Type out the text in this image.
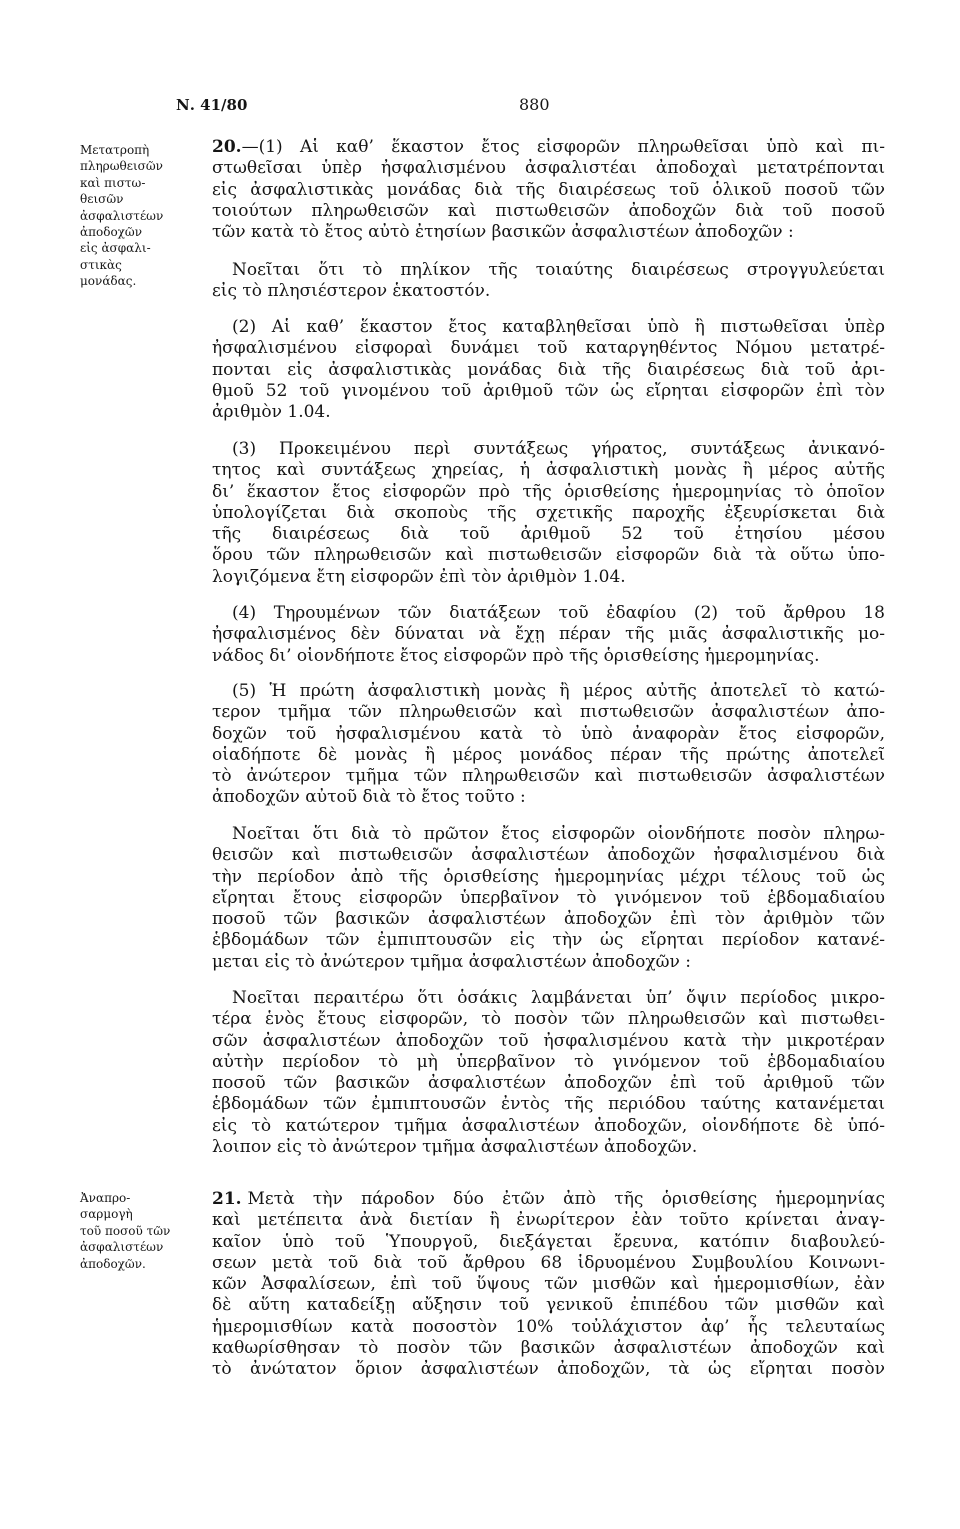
Ν. 41/80	880
Μετατροπὴ
πληρωθεισῶν
καὶ πιστω-
θεισῶν
ἀσφαλιστέων
ἀποδοχῶν
εἰς ἀσφαλι-
στικὰς
μονάδας.
Ἀναπρο-
σαρμογὴ
τοῦ ποσοῦ τῶν
ἀσφαλιστέων
ἀποδοχῶν.
20.—(1) Αἱ καθ’ ἕκαστον ἔτος εἰσφορῶν πληρωθεῖσαι ὑπὸ καὶ πι-
στωθεῖσαι ὑπὲρ ἠσφαλισμένου ἀσφαλιστέαι ἀποδοχαὶ μετατρέπονται
εἰς ἀσφαλιστικὰς μονάδας διὰ τῆς διαιρέσεως τοῦ ὁλικοῦ ποσοῦ τῶν
τοιούτων πληρωθεισῶν καὶ πιστωθεισῶν ἀποδοχῶν διὰ τοῦ ποσοῦ
τῶν κατὰ τὸ ἔτος αὐτὸ ἐτησίων βασικῶν ἀσφαλιστέων ἀποδοχῶν :
Νοεῖται ὅτι τὸ πηλίκον τῆς τοιαύτης διαιρέσεως στρογγυλεύεται
εἰς τὸ πλησιέστερον ἑκατοστόν.
(2) Αἱ καθ’ ἕκαστον ἔτος καταβληθεῖσαι ὑπὸ ἢ πιστωθεῖσαι ὑπὲρ
ἠσφαλισμένου εἰσφοραὶ δυνάμει τοῦ καταργηθέντος Νόμου μετατρέ-
πονται εἰς ἀσφαλιστικὰς μονάδας διὰ τῆς διαιρέσεως διὰ τοῦ ἀρι-
θμοῦ 52 τοῦ γινομένου τοῦ ἀριθμοῦ τῶν ὡς εἴρηται εἰσφορῶν ἐπὶ τὸν
ἀριθμὸν 1.04.
(3) Προκειμένου περὶ συντάξεως γήρατος, συντάξεως ἀνικανό-
τητος καὶ συντάξεως χηρείας, ἡ ἀσφαλιστικὴ μονὰς ἢ μέρος αὐτῆς
δι’ ἕκαστον ἔτος εἰσφορῶν πρὸ τῆς ὁρισθείσης ἡμερομηνίας τὸ ὁποῖον
ὑπολογίζεται διὰ σκοποὺς τῆς σχετικῆς παροχῆς ἐξευρίσκεται διὰ
τῆς διαιρέσεως διὰ τοῦ ἀριθμοῦ 52 τοῦ ἐτησίου μέσου
ὅρου τῶν πληρωθεισῶν καὶ πιστωθεισῶν εἰσφορῶν διὰ τὰ οὕτω ὑπο-
λογιζόμενα ἔτη εἰσφορῶν ἐπὶ τὸν ἀριθμὸν 1.04.
(4) Τηρουμένων τῶν διατάξεων τοῦ ἐδαφίου (2) τοῦ ἄρθρου 18
ἠσφαλισμένος δὲν δύναται νὰ ἔχῃ πέραν τῆς μιᾶς ἀσφαλιστικῆς μο-
νάδος δι’ οἱονδήποτε ἔτος εἰσφορῶν πρὸ τῆς ὁρισθείσης ἡμερομηνίας.
(5) Ἡ πρώτη ἀσφαλιστικὴ μονὰς ἢ μέρος αὐτῆς ἀποτελεῖ τὸ κατώ-
τερον τμῆμα τῶν πληρωθεισῶν καὶ πιστωθεισῶν ἀσφαλιστέων ἀπο-
δοχῶν τοῦ ἠσφαλισμένου κατὰ τὸ ὑπὸ ἀναφορὰν ἔτος εἰσφορῶν,
οἱαδήποτε δὲ μονὰς ἢ μέρος μονάδος πέραν τῆς πρώτης ἀποτελεῖ
τὸ ἀνώτερον τμῆμα τῶν πληρωθεισῶν καὶ πιστωθεισῶν ἀσφαλιστέων
ἀποδοχῶν αὐτοῦ διὰ τὸ ἔτος τοῦτο :
Νοεῖται ὅτι διὰ τὸ πρῶτον ἔτος εἰσφορῶν οἱονδήποτε ποσὸν πληρω-
θεισῶν καὶ πιστωθεισῶν ἀσφαλιστέων ἀποδοχῶν ἠσφαλισμένου διὰ
τὴν περίοδον ἀπὸ τῆς ὁρισθείσης ἡμερομηνίας μέχρι τέλους τοῦ ὡς
εἴρηται ἔτους εἰσφορῶν ὑπερβαῖνον τὸ γινόμενον τοῦ ἑβδομαδιαίου
ποσοῦ τῶν βασικῶν ἀσφαλιστέων ἀποδοχῶν ἐπὶ τὸν ἀριθμὸν τῶν
ἑβδομάδων τῶν ἐμπιπτουσῶν εἰς τὴν ὡς εἴρηται περίοδον κατανέ-
μεται εἰς τὸ ἀνώτερον τμῆμα ἀσφαλιστέων ἀποδοχῶν :
Νοεῖται περαιτέρω ὅτι ὁσάκις λαμβάνεται ὑπ’ ὄψιν περίοδος μικρο-
τέρα ἑνὸς ἔτους εἰσφορῶν, τὸ ποσὸν τῶν πληρωθεισῶν καὶ πιστωθει-
σῶν ἀσφαλιστέων ἀποδοχῶν τοῦ ἠσφαλισμένου κατὰ τὴν μικροτέραν
αὐτὴν περίοδον τὸ μὴ ὑπερβαῖνον τὸ γινόμενον τοῦ ἑβδομαδιαίου
ποσοῦ τῶν βασικῶν ἀσφαλιστέων ἀποδοχῶν ἐπὶ τοῦ ἀριθμοῦ τῶν
ἑβδομάδων τῶν ἐμπιπτουσῶν ἐντὸς τῆς περιόδου ταύτης κατανέμεται
εἰς τὸ κατώτερον τμῆμα ἀσφαλιστέων ἀποδοχῶν, οἱονδήποτε δὲ ὑπό-
λοιπον εἰς τὸ ἀνώτερον τμῆμα ἀσφαλιστέων ἀποδοχῶν.
21. Μετὰ τὴν πάροδον δύο ἐτῶν ἀπὸ τῆς ὁρισθείσης ἡμερομηνίας
καὶ μετέπειτα ἀνὰ διετίαν ἢ ἐνωρίτερον ἐὰν τοῦτο κρίνεται ἀναγ-
καῖον ὑπὸ τοῦ Ὑπουργοῦ, διεξάγεται ἔρευνα, κατόπιν διαβουλεύ-
σεων μετὰ τοῦ διὰ τοῦ ἄρθρου 68 ἱδρυομένου Συμβουλίου Κοινωνι-
κῶν Ἀσφαλίσεων, ἐπὶ τοῦ ὕψους τῶν μισθῶν καὶ ἡμερομισθίων, ἐὰν
δὲ αὕτη καταδείξῃ αὔξησιν τοῦ γενικοῦ ἐπιπέδου τῶν μισθῶν καὶ
ἡμερομισθίων κατὰ ποσοστὸν 10% τοὐλάχιστον ἀφ’ ἧς τελευταίως
καθωρίσθησαν τὸ ποσὸν τῶν βασικῶν ἀσφαλιστέων ἀποδοχῶν καὶ
τὸ ἀνώτατον ὅριον ἀσφαλιστέων ἀποδοχῶν, τὰ ὡς εἴρηται ποσὸν
